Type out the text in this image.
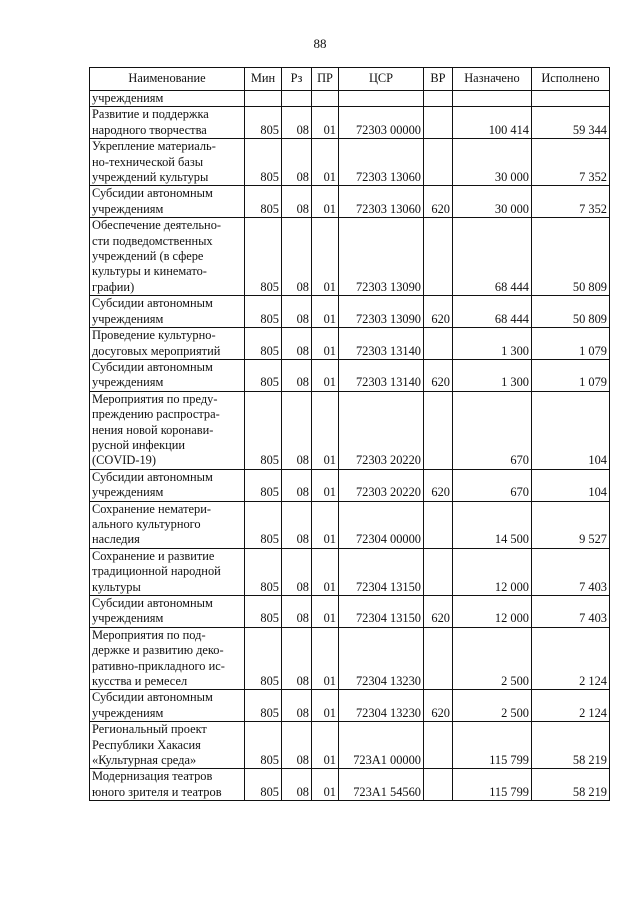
88
Наименование	Мин	Рз	ПР	ЦСР	ВР	Назначено	Исполнено
учреждениям							
Развитие и поддержка
народного творчества	805	08	01	72303 00000		100 414	59 344
Укрепление материаль-
но-технической базы
учреждений культуры	805	08	01	72303 13060		30 000	7 352
Субсидии автономным
учреждениям	805	08	01	72303 13060	620	30 000	7 352
Обеспечение деятельно-
сти подведомственных
учреждений (в сфере
культуры и кинемато-
графии)	805	08	01	72303 13090		68 444	50 809
Субсидии автономным
учреждениям	805	08	01	72303 13090	620	68 444	50 809
Проведение культурно-
досуговых мероприятий	805	08	01	72303 13140		1 300	1 079
Субсидии автономным
учреждениям	805	08	01	72303 13140	620	1 300	1 079
Мероприятия по преду-
преждению распростра-
нения новой коронави-
русной инфекции
(COVID-19)	805	08	01	72303 20220		670	104
Субсидии автономным
учреждениям	805	08	01	72303 20220	620	670	104
Сохранение нематери-
ального культурного
наследия	805	08	01	72304 00000		14 500	9 527
Сохранение и развитие
традиционной народной
культуры	805	08	01	72304 13150		12 000	7 403
Субсидии автономным
учреждениям	805	08	01	72304 13150	620	12 000	7 403
Мероприятия по под-
держке и развитию деко-
ративно-прикладного ис-
кусства и ремесел	805	08	01	72304 13230		2 500	2 124
Субсидии автономным
учреждениям	805	08	01	72304 13230	620	2 500	2 124
Региональный проект
Республики Хакасия
«Культурная среда»	805	08	01	723А1 00000		115 799	58 219
Модернизация театров
юного зрителя и театров	805	08	01	723А1 54560		115 799	58 219
